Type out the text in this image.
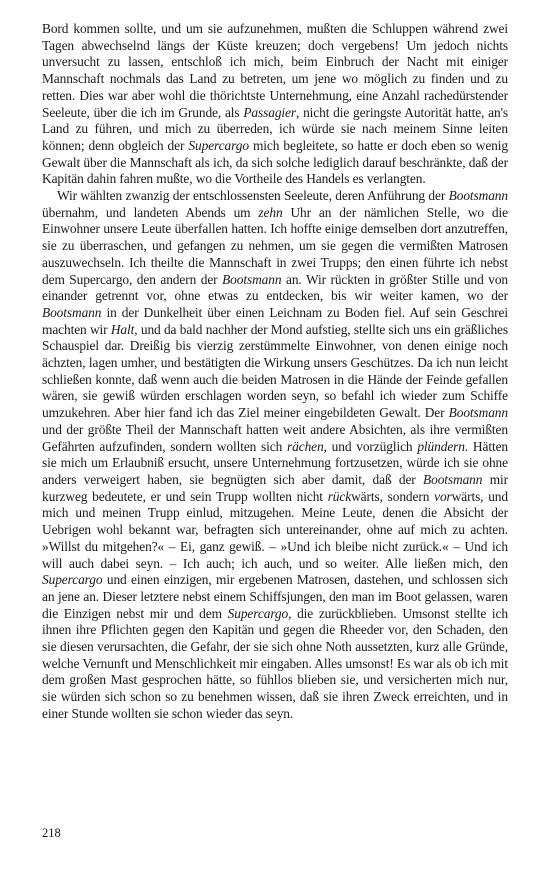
Bord kommen sollte, und um sie aufzunehmen, mußten die Schluppen während zwei Tagen abwechselnd längs der Küste kreuzen; doch vergebens! Um jedoch nichts unversucht zu lassen, entschloß ich mich, beim Einbruch der Nacht mit einiger Mannschaft nochmals das Land zu betreten, um jene wo möglich zu finden und zu retten. Dies war aber wohl die thörichtste Unternehmung, eine Anzahl rachedürstender Seeleute, über die ich im Grunde, als Passagier, nicht die geringste Autorität hatte, an's Land zu führen, und mich zu überreden, ich würde sie nach meinem Sinne leiten können; denn obgleich der Supercargo mich begleitete, so hatte er doch eben so wenig Gewalt über die Mannschaft als ich, da sich solche lediglich darauf beschränkte, daß der Kapitän dahin fahren mußte, wo die Vortheile des Handels es verlangten.

Wir wählten zwanzig der entschlossensten Seeleute, deren Anführung der Bootsmann übernahm, und landeten Abends um zehn Uhr an der nämlichen Stelle, wo die Einwohner unsere Leute überfallen hatten. Ich hoffte einige demselben dort anzutreffen, sie zu überraschen, und gefangen zu nehmen, um sie gegen die vermißten Matrosen auszuwechseln. Ich theilte die Mannschaft in zwei Trupps; den einen führte ich nebst dem Supercargo, den andern der Bootsmann an. Wir rückten in größter Stille und von einander getrennt vor, ohne etwas zu entdecken, bis wir weiter kamen, wo der Bootsmann in der Dunkelheit über einen Leichnam zu Boden fiel. Auf sein Geschrei machten wir Halt, und da bald nachher der Mond aufstieg, stellte sich uns ein gräßliches Schauspiel dar. Dreißig bis vierzig zerstümmelte Einwohner, von denen einige noch ächzten, lagen umher, und bestätigten die Wirkung unsers Geschützes. Da ich nun leicht schließen konnte, daß wenn auch die beiden Matrosen in die Hände der Feinde gefallen wären, sie gewiß würden erschlagen worden seyn, so befahl ich wieder zum Schiffe umzukehren. Aber hier fand ich das Ziel meiner eingebildeten Gewalt. Der Bootsmann und der größte Theil der Mannschaft hatten weit andere Absichten, als ihre vermißten Gefährten aufzufinden, sondern wollten sich rächen, und vorzüglich plündern. Hätten sie mich um Erlaubniß ersucht, unsere Unternehmung fortzusetzen, würde ich sie ohne anders verweigert haben, sie begnügten sich aber damit, daß der Bootsmann mir kurzweg bedeutete, er und sein Trupp wollten nicht rückwärts, sondern vorwärts, und mich und meinen Trupp einlud, mitzugehen. Meine Leute, denen die Absicht der Uebrigen wohl bekannt war, befragten sich untereinander, ohne auf mich zu achten. »Willst du mitgehen?« – Ei, ganz gewiß. – »Und ich bleibe nicht zurück.« – Und ich will auch dabei seyn. – Ich auch; ich auch, und so weiter. Alle ließen mich, den Supercargo und einen einzigen, mir ergebenen Matrosen, dastehen, und schlossen sich an jene an. Dieser letztere nebst einem Schiffsjungen, den man im Boot gelassen, waren die Einzigen nebst mir und dem Supercargo, die zurückblieben. Umsonst stellte ich ihnen ihre Pflichten gegen den Kapitän und gegen die Rheeder vor, den Schaden, den sie diesen verursachten, die Gefahr, der sie sich ohne Noth aussetzten, kurz alle Gründe, welche Vernunft und Menschlichkeit mir eingaben. Alles umsonst! Es war als ob ich mit dem großen Mast gesprochen hätte, so fühllos blieben sie, und versicherten mich nur, sie würden sich schon so zu benehmen wissen, daß sie ihren Zweck erreichten, und in einer Stunde wollten sie schon wieder das seyn.

218
